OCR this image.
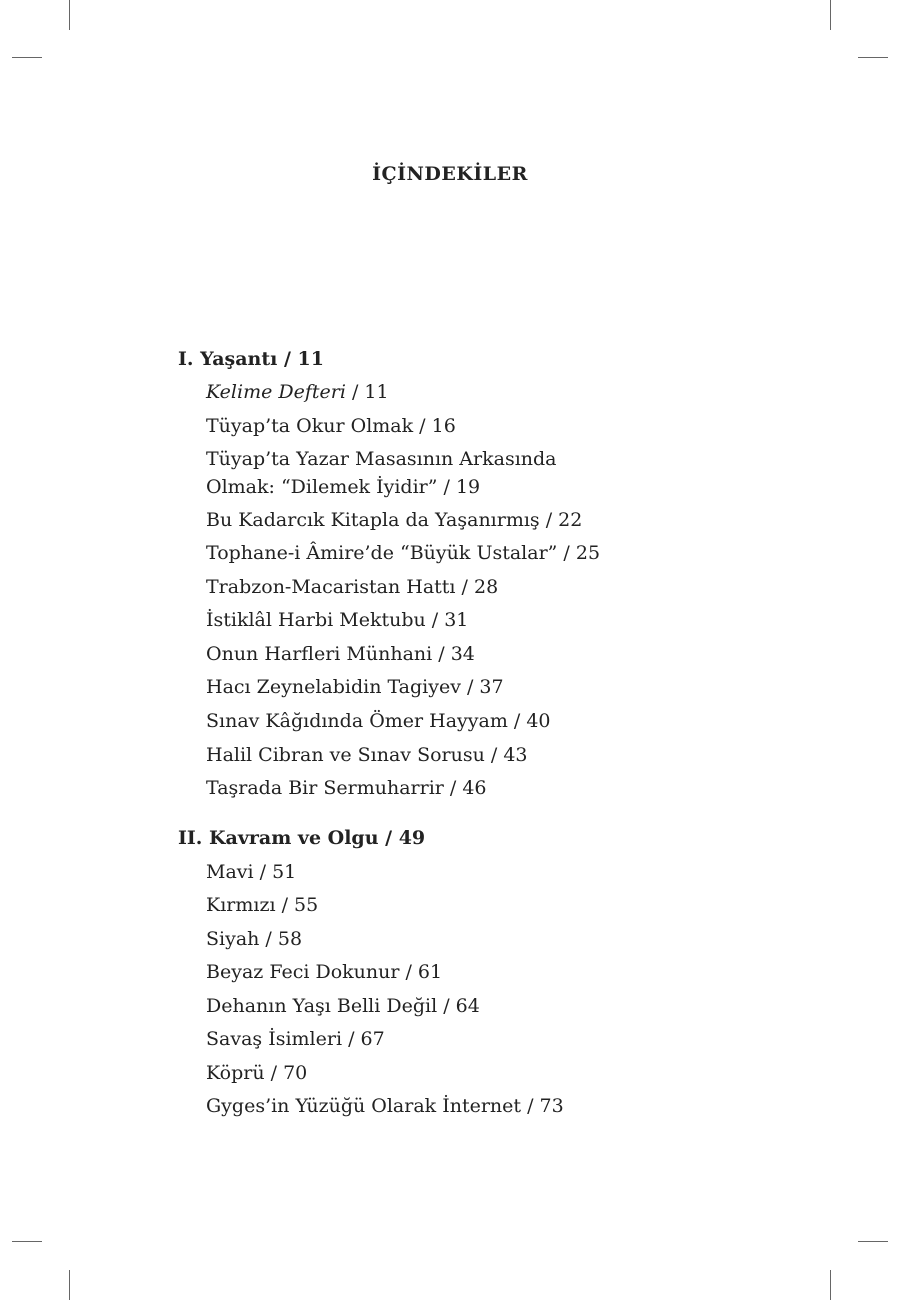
İÇİNDEKİLER
I. Yaşantı / 11
Kelime Defteri / 11
Tüyap’ta Okur Olmak / 16
Tüyap’ta Yazar Masasının Arkasında
Olmak: “Dilemek İyidir” / 19
Bu Kadarcık Kitapla da Yaşanırmış / 22
Tophane-i Âmire’de “Büyük Ustalar” / 25
Trabzon-Macaristan Hattı / 28
İstiklâl Harbi Mektubu / 31
Onun Harfleri Münhani / 34
Hacı Zeynelabidin Tagiyev / 37
Sınav Kâğıdında Ömer Hayyam / 40
Halil Cibran ve Sınav Sorusu / 43
Taşrada Bir Sermuharrir / 46
II. Kavram ve Olgu / 49
Mavi / 51
Kırmızı / 55
Siyah / 58
Beyaz Feci Dokunur / 61
Dehanın Yaşı Belli Değil / 64
Savaş İsimleri / 67
Köprü / 70
Gyges’in Yüzüğü Olarak İnternet / 73
